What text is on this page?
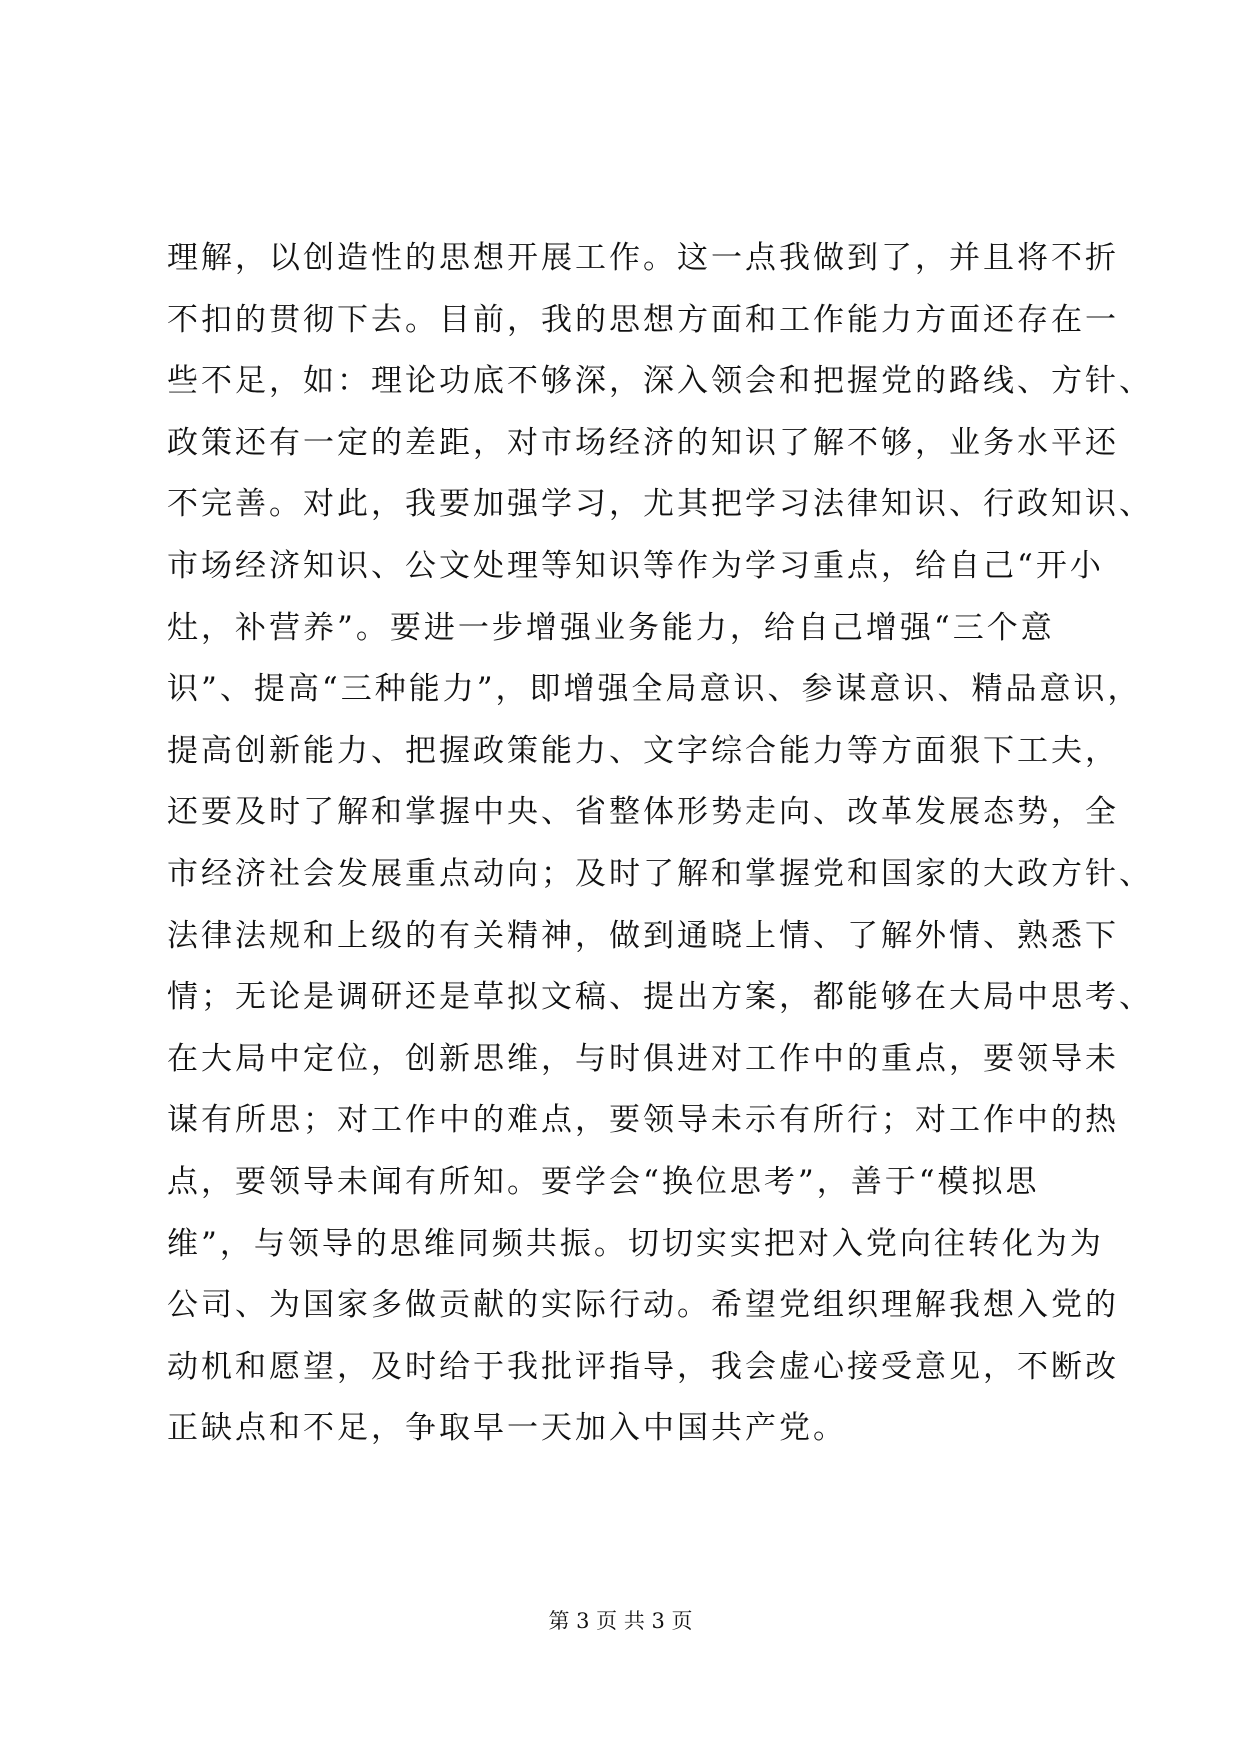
理解，以创造性的思想开展工作。这一点我做到了，并且将不折
不扣的贯彻下去。目前，我的思想方面和工作能力方面还存在一
些不足，如：理论功底不够深，深入领会和把握党的路线、方针、
政策还有一定的差距，对市场经济的知识了解不够，业务水平还
不完善。对此，我要加强学习，尤其把学习法律知识、行政知识、
市场经济知识、公文处理等知识等作为学习重点，给自己“开小
灶，补营养”。要进一步增强业务能力，给自己增强“三个意
识”、提高“三种能力”，即增强全局意识、参谋意识、精品意识，
提高创新能力、把握政策能力、文字综合能力等方面狠下工夫，
还要及时了解和掌握中央、省整体形势走向、改革发展态势，全
市经济社会发展重点动向；及时了解和掌握党和国家的大政方针、
法律法规和上级的有关精神，做到通晓上情、了解外情、熟悉下
情；无论是调研还是草拟文稿、提出方案，都能够在大局中思考、
在大局中定位，创新思维，与时俱进对工作中的重点，要领导未
谋有所思；对工作中的难点，要领导未示有所行；对工作中的热
点，要领导未闻有所知。要学会“换位思考”，善于“模拟思
维”，与领导的思维同频共振。切切实实把对入党向往转化为为
公司、为国家多做贡献的实际行动。希望党组织理解我想入党的
动机和愿望，及时给于我批评指导，我会虚心接受意见，不断改
正缺点和不足，争取早一天加入中国共产党。
第 3 页 共 3 页
